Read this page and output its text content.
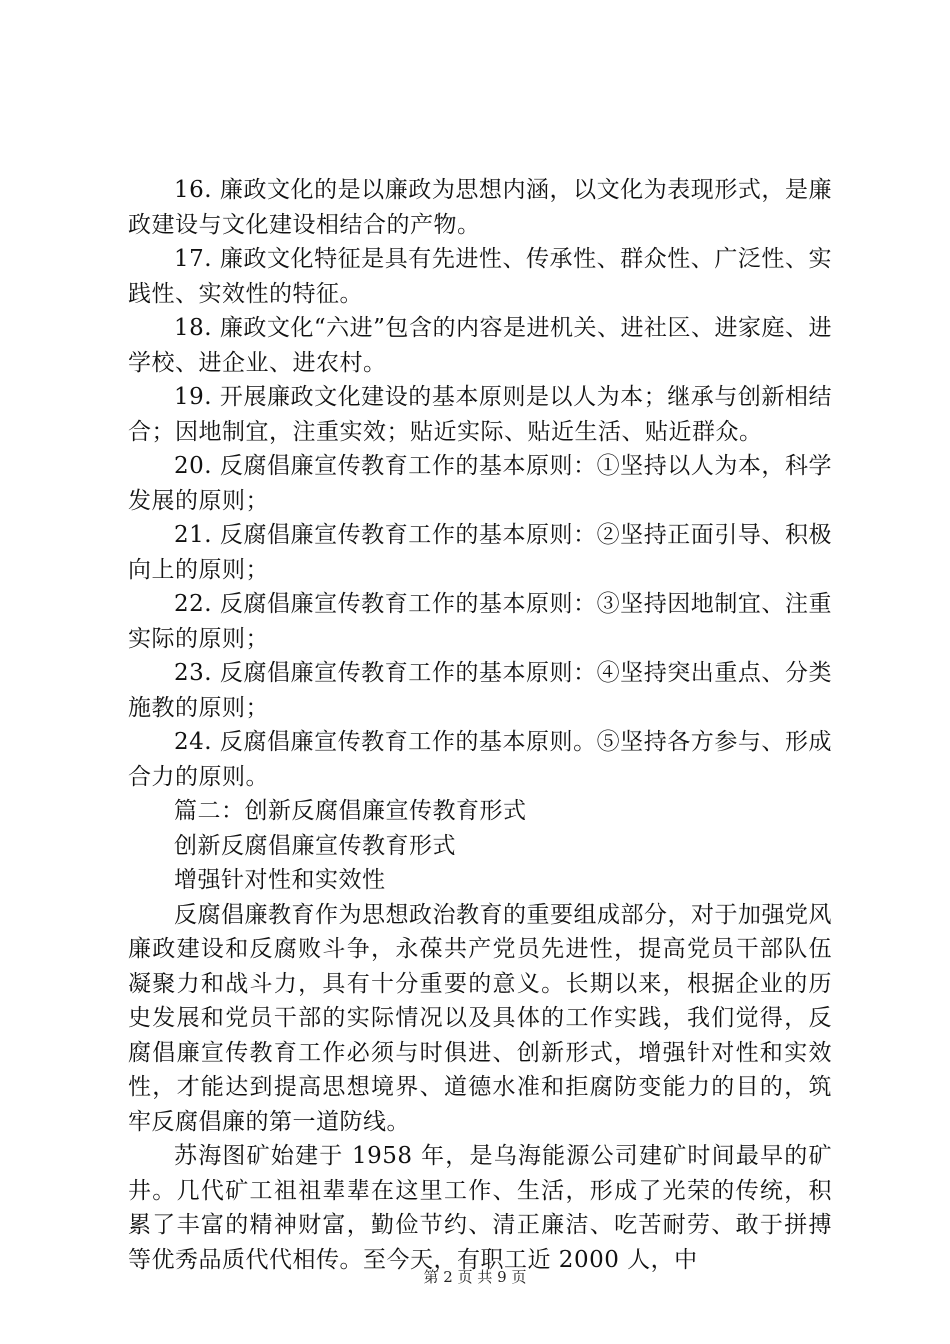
16. 廉政文化的是以廉政为思想内涵，以文化为表现形式，是廉政建设与文化建设相结合的产物。

17. 廉政文化特征是具有先进性、传承性、群众性、广泛性、实践性、实效性的特征。

18. 廉政文化“六进”包含的内容是进机关、进社区、进家庭、进学校、进企业、进农村。

19. 开展廉政文化建设的基本原则是以人为本；继承与创新相结合；因地制宜，注重实效；贴近实际、贴近生活、贴近群众。

20. 反腐倡廉宣传教育工作的基本原则：①坚持以人为本，科学发展的原则；

21. 反腐倡廉宣传教育工作的基本原则：②坚持正面引导、积极向上的原则；

22. 反腐倡廉宣传教育工作的基本原则：③坚持因地制宜、注重实际的原则；

23. 反腐倡廉宣传教育工作的基本原则：④坚持突出重点、分类施教的原则；

24. 反腐倡廉宣传教育工作的基本原则。⑤坚持各方参与、形成合力的原则。

篇二：创新反腐倡廉宣传教育形式

创新反腐倡廉宣传教育形式

增强针对性和实效性

反腐倡廉教育作为思想政治教育的重要组成部分，对于加强党风廉政建设和反腐败斗争，永葆共产党员先进性，提高党员干部队伍凝聚力和战斗力，具有十分重要的意义。长期以来，根据企业的历史发展和党员干部的实际情况以及具体的工作实践，我们觉得，反腐倡廉宣传教育工作必须与时俱进、创新形式，增强针对性和实效性，才能达到提高思想境界、道德水准和拒腐防变能力的目的，筑牢反腐倡廉的第一道防线。

苏海图矿始建于 1958 年，是乌海能源公司建矿时间最早的矿井。几代矿工祖祖辈辈在这里工作、生活，形成了光荣的传统，积累了丰富的精神财富，勤俭节约、清正廉洁、吃苦耐劳、敢于拼搏等优秀品质代代相传。至今天，有职工近 2000 人，中

第 2 页 共 9 页
